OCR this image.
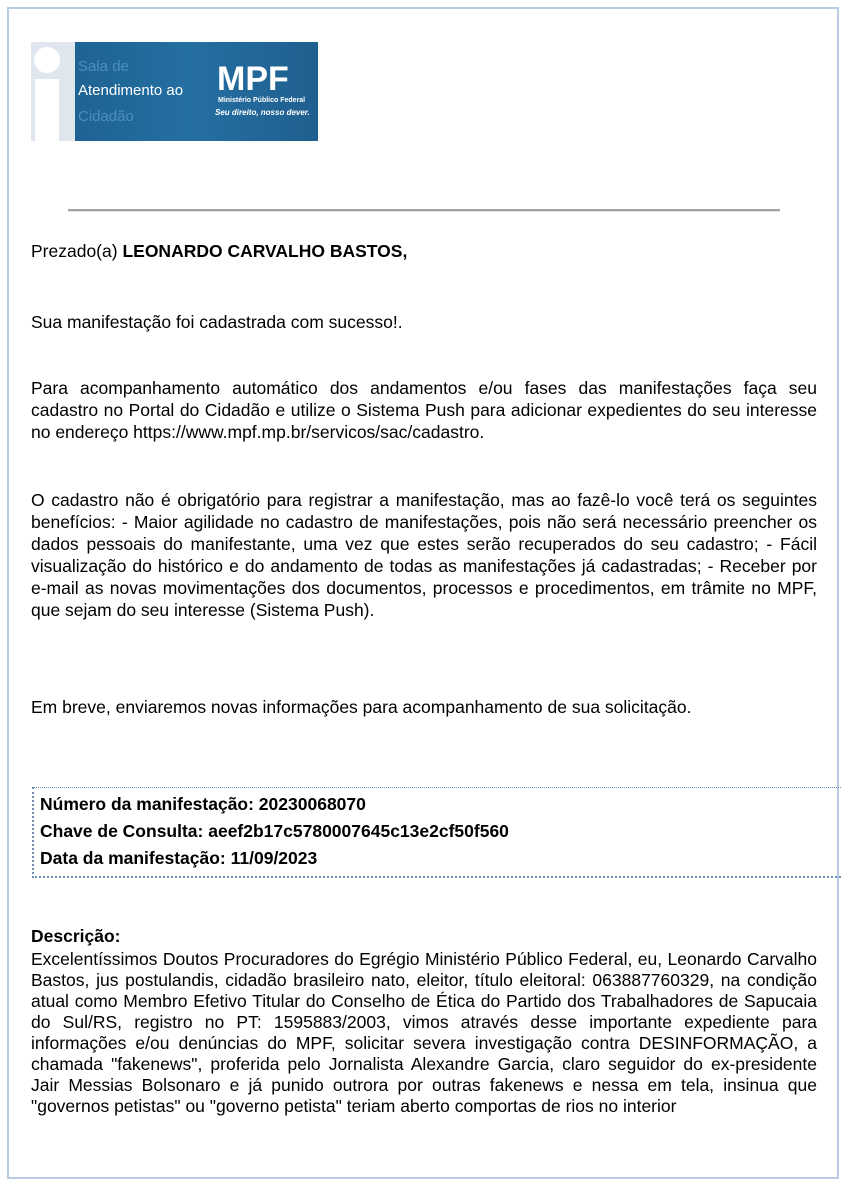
Sala de
Atendimento ao
Cidadão
MPF
Ministério Público Federal
Seu direito, nosso dever.
Prezado(a) LEONARDO CARVALHO BASTOS,
Sua manifestação foi cadastrada com sucesso!.
Para acompanhamento automático dos andamentos e/ou fases das manifestações faça seu cadastro no Portal do Cidadão e utilize o Sistema Push para adicionar expedientes do seu interesse no endereço https://www.mpf.mp.br/servicos/sac/cadastro.
O cadastro não é obrigatório para registrar a manifestação, mas ao fazê-lo você terá os seguintes benefícios: - Maior agilidade no cadastro de manifestações, pois não será necessário preencher os dados pessoais do manifestante, uma vez que estes serão recuperados do seu cadastro; - Fácil visualização do histórico e do andamento de todas as manifestações já cadastradas; - Receber por e-mail as novas movimentações dos documentos, processos e procedimentos, em trâmite no MPF, que sejam do seu interesse (Sistema Push).
Em breve, enviaremos novas informações para acompanhamento de sua solicitação.
Número da manifestação: 20230068070
Chave de Consulta: aeef2b17c5780007645c13e2cf50f560
Data da manifestação: 11/09/2023
Descrição:
Excelentíssimos Doutos Procuradores do Egrégio Ministério Público Federal, eu, Leonardo Carvalho Bastos, jus postulandis, cidadão brasileiro nato, eleitor, título eleitoral: 063887760329, na condição atual como Membro Efetivo Titular do Conselho de Ética do Partido dos Trabalhadores de Sapucaia do Sul/RS, registro no PT: 1595883/2003, vimos através desse importante expediente para informações e/ou denúncias do MPF, solicitar severa investigação contra DESINFORMAÇÃO, a chamada "fakenews", proferida pelo Jornalista Alexandre Garcia, claro seguidor do ex-presidente Jair Messias Bolsonaro e já punido outrora por outras fakenews e nessa em tela, insinua que "governos petistas" ou "governo petista" teriam aberto comportas de rios no interior
